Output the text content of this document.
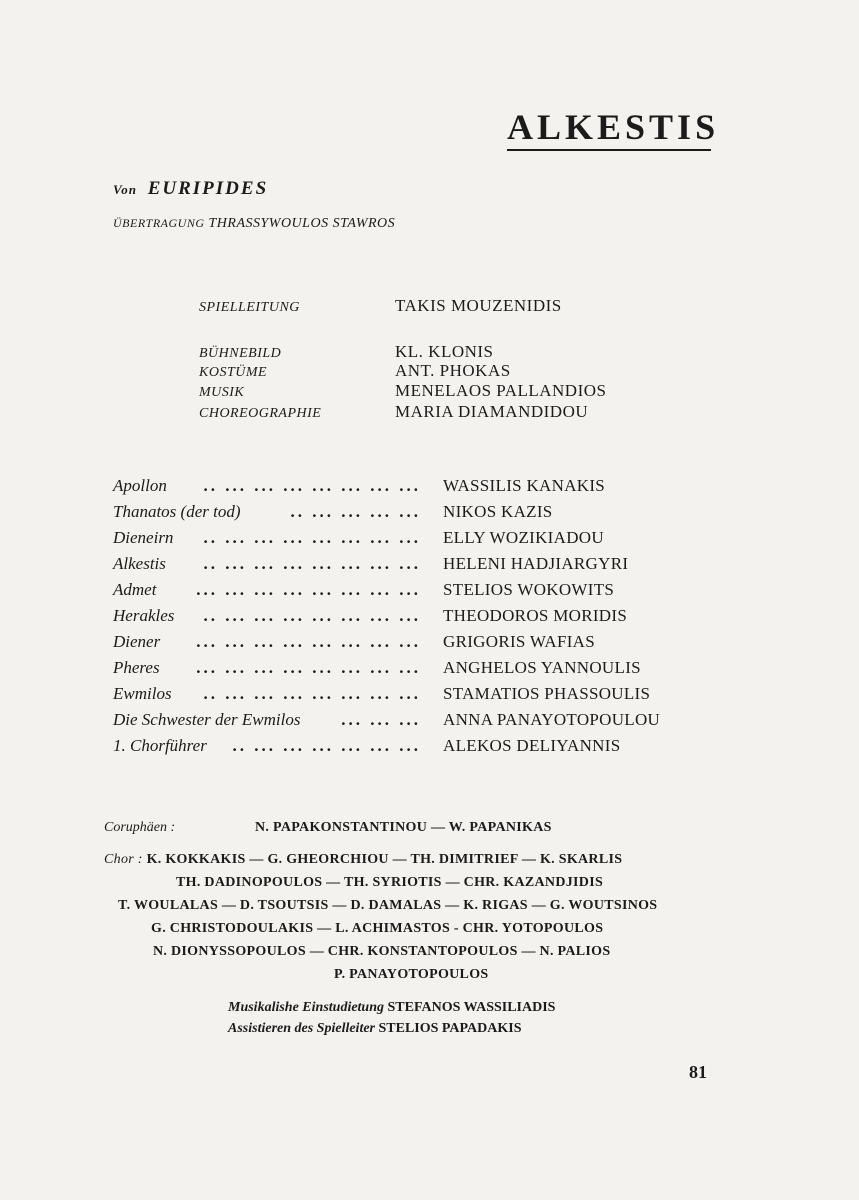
ALKESTIS
Von EURIPIDES
ÜBERTRAGUNG THRASSYWOULOS STAWROS
SPIELLEITUNG	TAKIS MOUZENIDIS
BÜHNEBILD	KL. KLONIS
KOSTÜME	ANT. PHOKAS
MUSIK	MENELAOS PALLANDIOS
CHOREOGRAPHIE	MARIA DIAMANDIDOU
Apollon	.. ... ... ... ... ... ... ... WASSILIS KANAKIS
Thanatos (der tod)	.. ... ... ... ... NIKOS KAZIS
Dieneirn	.. ... ... ... ... ... ... ... ELLY WOZIKIADOU
Alkestis	.. ... ... ... ... ... ... ... HELENI HADJIARGYRI
Admet	... ... ... ... ... ... ... ... STELIOS WOKOWITS
Herakles	.. ... ... ... ... ... ... ... THEODOROS MORIDIS
Diener	... ... ... ... ... ... ... ... GRIGORIS WAFIAS
Pheres	... ... ... ... ... ... ... ... ANGHELOS YANNOULIS
Ewmilos	.. ... ... ... ... ... ... ... STAMATIOS PHASSOULIS
Die Schwester der Ewmilos	... ... ... ANNA PANAYOTOPOULOU
1. Chorführer	.. ... ... ... ... ... ... ALEKOS DELIYANNIS
Coruphäen :	N. PAPAKONSTANTINOU — W. PAPANIKAS
Chor : K. KOKKAKIS — G. GHEORCHIOU — TH. DIMITRIEF — K. SKARLIS
TH. DADINOPOULOS — TH. SYRIOTIS — CHR. KAZANDJIDIS
T. WOULALAS — D. TSOUTSIS — D. DAMALAS — K. RIGAS — G. WOUTSINOS
G. CHRISTODOULAKIS — L. ACHIMASTOS - CHR. YOTOPOULOS
N. DIONYSSOPOULOS — CHR. KONSTANTOPOULOS — N. PALIOS
P. PANAYOTOPOULOS
Musikalishe Einstudietung STEFANOS WASSILIADIS
Assistieren des Spielleiter STELIOS PAPADAKIS
81
